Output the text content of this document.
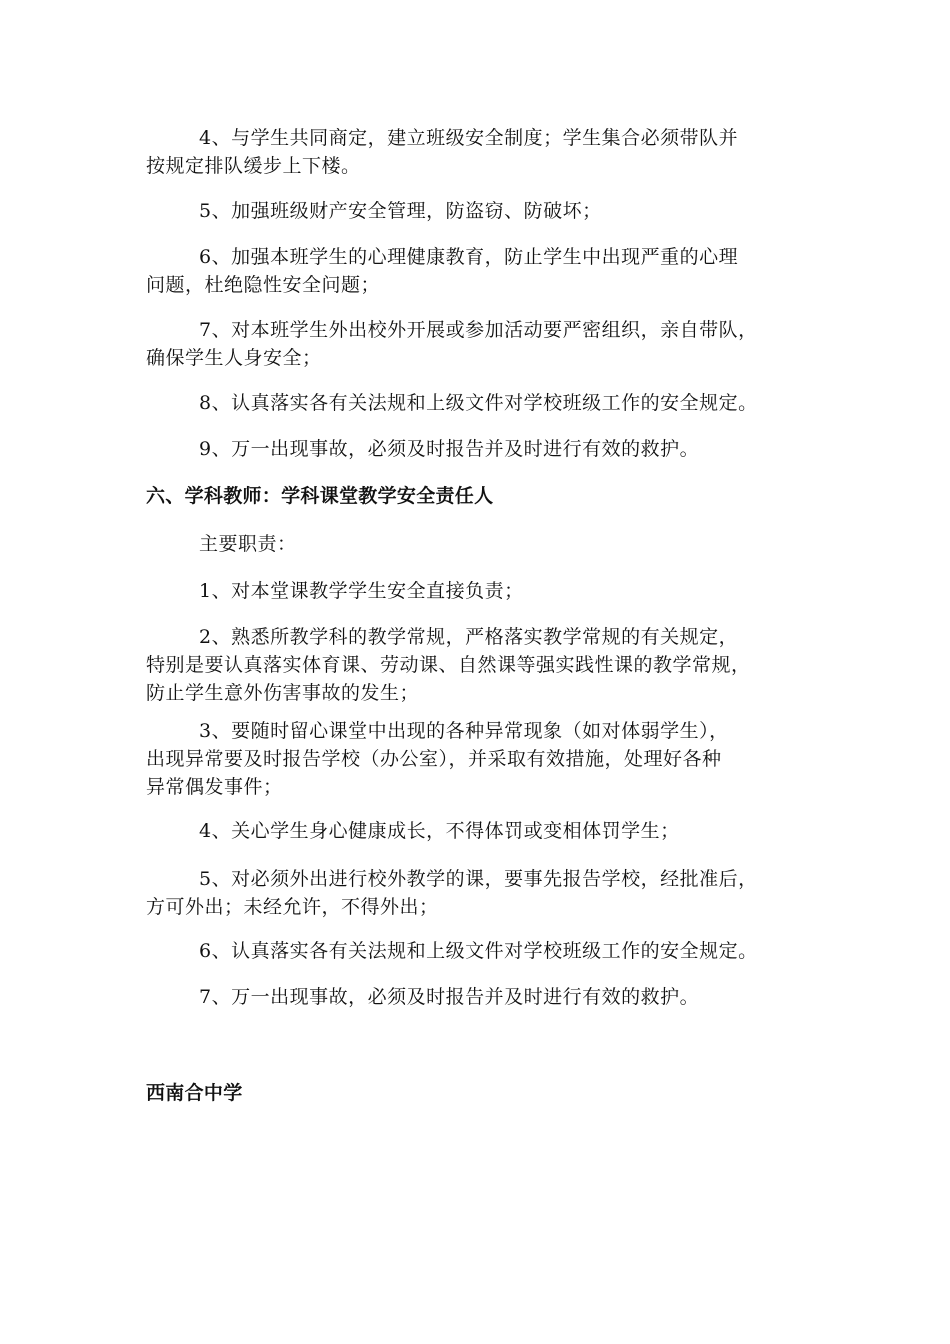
4、与学生共同商定，建立班级安全制度；学生集合必须带队并
按规定排队缓步上下楼。
5、加强班级财产安全管理，防盗窃、防破坏；
6、加强本班学生的心理健康教育，防止学生中出现严重的心理
问题，杜绝隐性安全问题；
7、对本班学生外出校外开展或参加活动要严密组织，亲自带队，
确保学生人身安全；
8、认真落实各有关法规和上级文件对学校班级工作的安全规定。
9、万一出现事故，必须及时报告并及时进行有效的救护。
六、学科教师：学科课堂教学安全责任人
主要职责：
1、对本堂课教学学生安全直接负责；
2、熟悉所教学科的教学常规，严格落实教学常规的有关规定，
特别是要认真落实体育课、劳动课、自然课等强实践性课的教学常规，
防止学生意外伤害事故的发生；
3、要随时留心课堂中出现的各种异常现象（如对体弱学生），
出现异常要及时报告学校（办公室），并采取有效措施，处理好各种
异常偶发事件；
4、关心学生身心健康成长，不得体罚或变相体罚学生；
5、对必须外出进行校外教学的课，要事先报告学校，经批准后，
方可外出；未经允许，不得外出；
6、认真落实各有关法规和上级文件对学校班级工作的安全规定。
7、万一出现事故，必须及时报告并及时进行有效的救护。
西南合中学
